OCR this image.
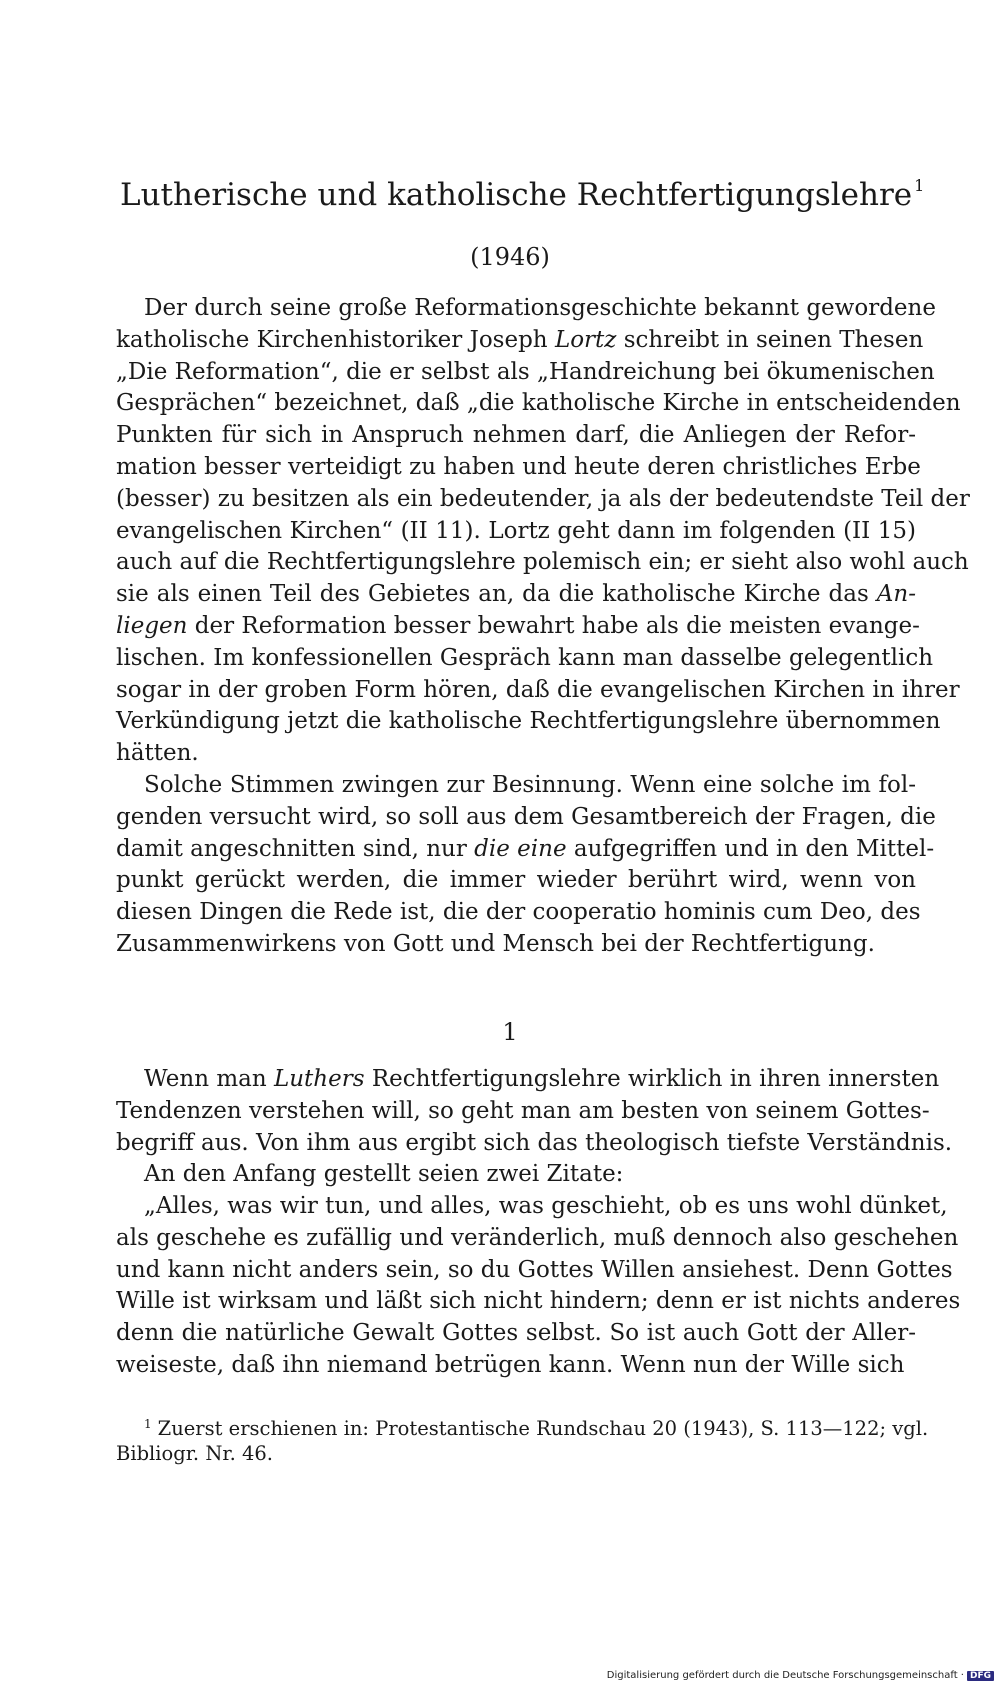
Lutherische und katholische Rechtfertigungslehre $^1$
(1946)
Der durch seine große Reformationsgeschichte bekannt gewordene
katholische Kirchenhistoriker Joseph Lortz schreibt in seinen Thesen
„Die Reformation“, die er selbst als „Handreichung bei ökumenischen
Gesprächen“ bezeichnet, daß „die katholische Kirche in entscheidenden
Punkten für sich in Anspruch nehmen darf, die Anliegen der Refor-
mation besser verteidigt zu haben und heute deren christliches Erbe
(besser) zu besitzen als ein bedeutender, ja als der bedeutendste Teil der
evangelischen Kirchen“ (II 11). Lortz geht dann im folgenden (II 15)
auch auf die Rechtfertigungslehre polemisch ein; er sieht also wohl auch
sie als einen Teil des Gebietes an, da die katholische Kirche das An-
liegen der Reformation besser bewahrt habe als die meisten evange-
lischen. Im konfessionellen Gespräch kann man dasselbe gelegentlich
sogar in der groben Form hören, daß die evangelischen Kirchen in ihrer
Verkündigung jetzt die katholische Rechtfertigungslehre übernommen
hätten.
Solche Stimmen zwingen zur Besinnung. Wenn eine solche im fol-
genden versucht wird, so soll aus dem Gesamtbereich der Fragen, die
damit angeschnitten sind, nur die eine aufgegriffen und in den Mittel-
punkt gerückt werden, die immer wieder berührt wird, wenn von
diesen Dingen die Rede ist, die der cooperatio hominis cum Deo, des
Zusammenwirkens von Gott und Mensch bei der Rechtfertigung.
1
Wenn man Luthers Rechtfertigungslehre wirklich in ihren innersten
Tendenzen verstehen will, so geht man am besten von seinem Gottes-
begriff aus. Von ihm aus ergibt sich das theologisch tiefste Verständnis.
An den Anfang gestellt seien zwei Zitate:
„Alles, was wir tun, und alles, was geschieht, ob es uns wohl dünket,
als geschehe es zufällig und veränderlich, muß dennoch also geschehen
und kann nicht anders sein, so du Gottes Willen ansiehest. Denn Gottes
Wille ist wirksam und läßt sich nicht hindern; denn er ist nichts anderes
denn die natürliche Gewalt Gottes selbst. So ist auch Gott der Aller-
weiseste, daß ihn niemand betrügen kann. Wenn nun der Wille sich
$^1$ Zuerst erschienen in: Protestantische Rundschau 20 (1943), S. 113—122; vgl.
Bibliogr. Nr. 46.
Digitalisierung gefördert durch die Deutsche Forschungsgemeinschaft · DFG
